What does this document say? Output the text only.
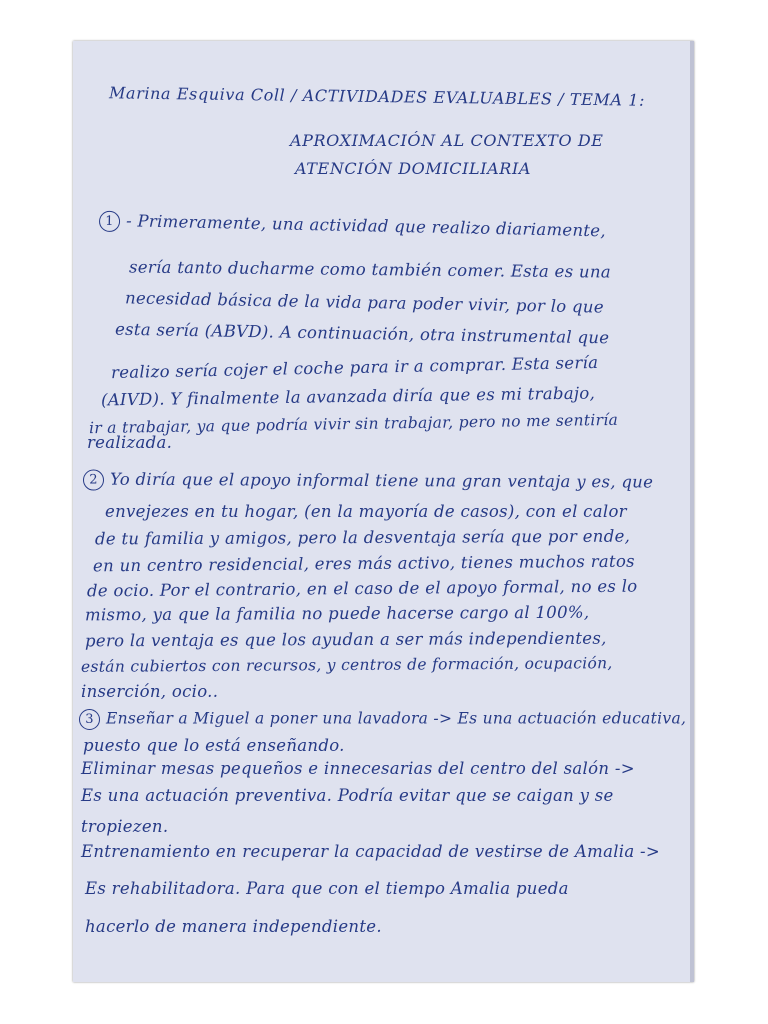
Marina Esquiva Coll / ACTIVIDADES EVALUABLES / TEMA 1:
APROXIMACIÓN AL CONTEXTO DE
ATENCIÓN DOMICILIARIA
1 - Primeramente, una actividad que realizo diariamente,
sería tanto ducharme como también comer. Esta es una
necesidad básica de la vida para poder vivir, por lo que
esta sería (ABVD). A continuación, otra instrumental que
realizo sería cojer el coche para ir a comprar. Esta sería
(AIVD). Y finalmente la avanzada diría que es mi trabajo,
ir a trabajar, ya que podría vivir sin trabajar, pero no me sentiría
realizada.
2 Yo diría que el apoyo informal tiene una gran ventaja y es, que
envejezes en tu hogar, (en la mayoría de casos), con el calor
de tu familia y amigos, pero la desventaja sería que por ende,
en un centro residencial, eres más activo, tienes muchos ratos
de ocio. Por el contrario, en el caso de el apoyo formal, no es lo
mismo, ya que la familia no puede hacerse cargo al 100%,
pero la ventaja es que los ayudan a ser más independientes,
están cubiertos con recursos, y centros de formación, ocupación,
inserción, ocio..
3 Enseñar a Miguel a poner una lavadora -> Es una actuación educativa,
puesto que lo está enseñando.
Eliminar mesas pequeños e innecesarias del centro del salón ->
Es una actuación preventiva. Podría evitar que se caigan y se
tropiezen.
Entrenamiento en recuperar la capacidad de vestirse de Amalia ->
Es rehabilitadora. Para que con el tiempo Amalia pueda
hacerlo de manera independiente.
